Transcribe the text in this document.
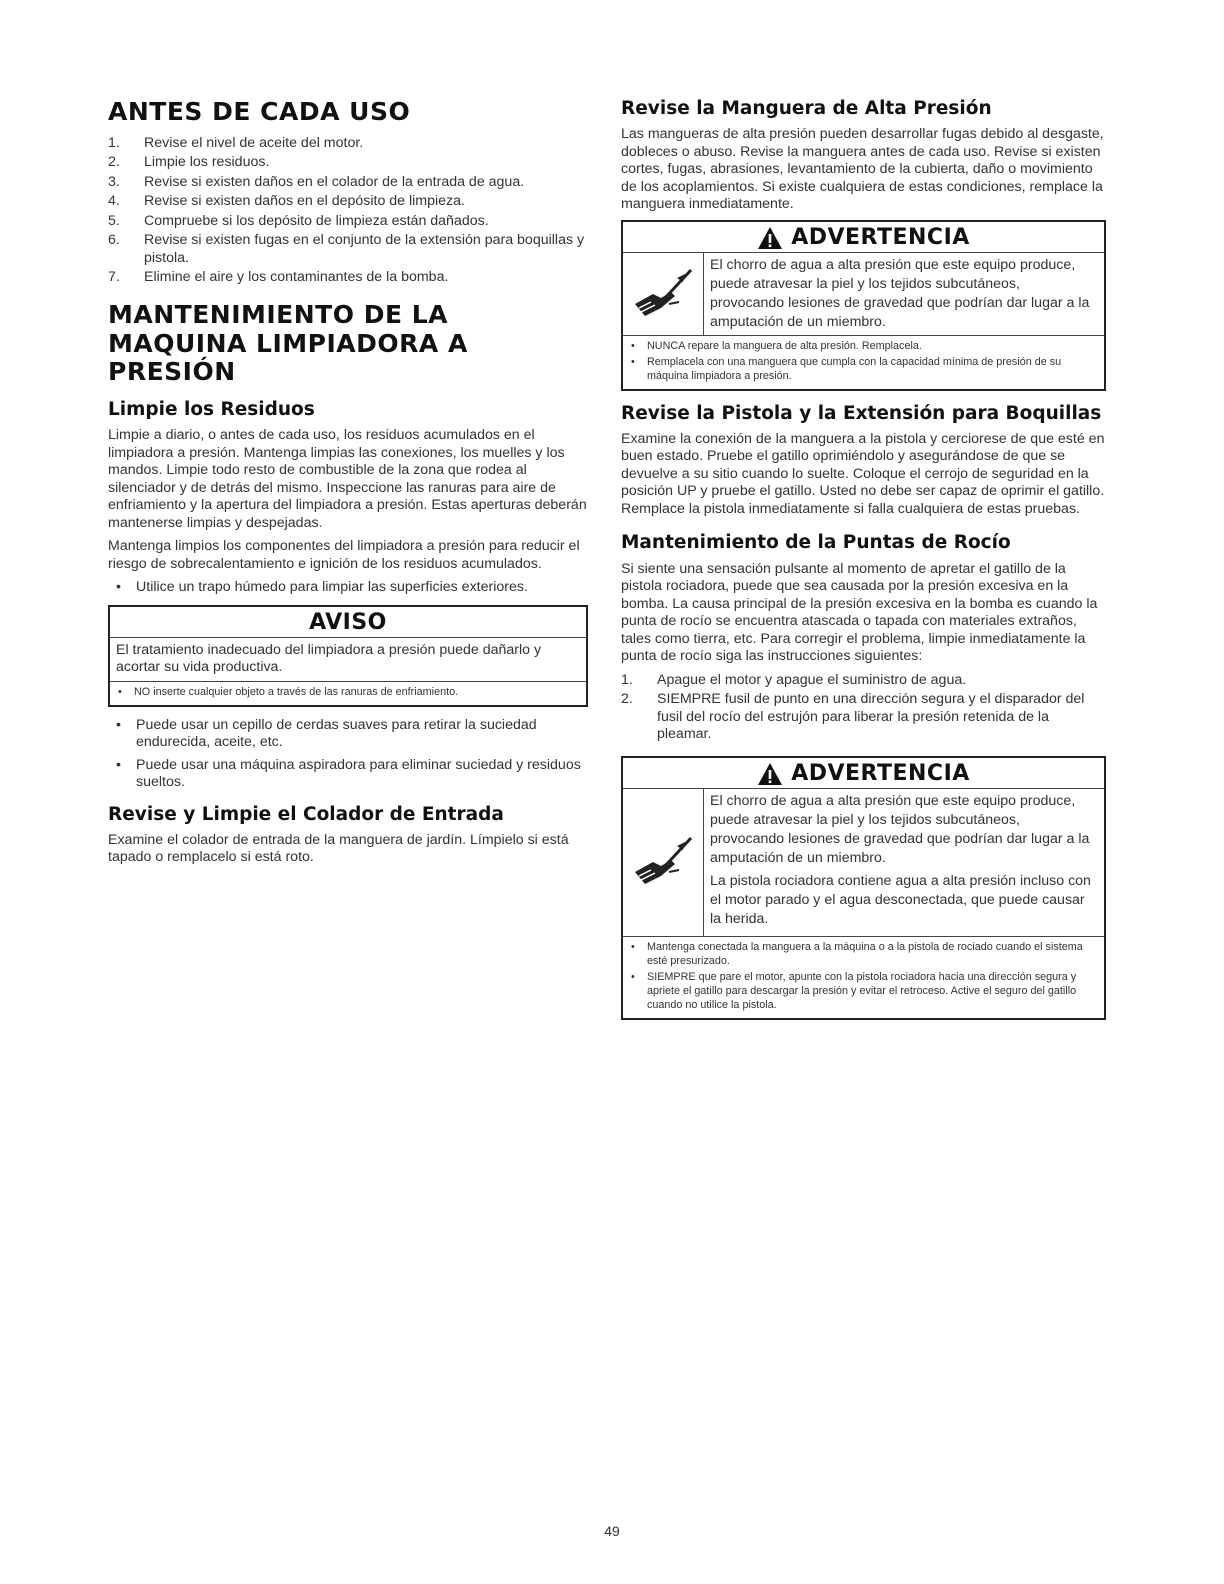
ANTES DE CADA USO
1. Revise el nivel de aceite del motor.
2. Limpie los residuos.
3. Revise si existen daños en el colador de la entrada de agua.
4. Revise si existen daños en el depósito de limpieza.
5. Compruebe si los depósito de limpieza están dañados.
6. Revise si existen fugas en el conjunto de la extensión para boquillas y pistola.
7. Elimine el aire y los contaminantes de la bomba.
MANTENIMIENTO DE LA MAQUINA LIMPIADORA A PRESIÓN
Limpie los Residuos

Limpie a diario, o antes de cada uso, los residuos acumulados en el limpiadora a presión. Mantenga limpias las conexiones, los muelles y los mandos. Limpie todo resto de combustible de la zona que rodea al silenciador y de detrás del mismo. Inspeccione las ranuras para aire de enfriamiento y la apertura del limpiadora a presión. Estas aperturas deberán mantenerse limpias y despejadas.

Mantenga limpios los componentes del limpiadora a presión para reducir el riesgo de sobrecalentamiento e ignición de los residuos acumulados.

• Utilice un trapo húmedo para limpiar las superficies exteriores.
AVISO
El tratamiento inadecuado del limpiadora a presión puede dañarlo y acortar su vida productiva.
• NO inserte cualquier objeto a través de las ranuras de enfriamiento.
• Puede usar un cepillo de cerdas suaves para retirar la suciedad endurecida, aceite, etc.
• Puede usar una máquina aspiradora para eliminar suciedad y residuos sueltos.
Revise y Limpie el Colador de Entrada

Examine el colador de entrada de la manguera de jardín. Límpielo si está tapado o remplacelo si está roto.

Revise la Manguera de Alta Presión

Las mangueras de alta presión pueden desarrollar fugas debido al desgaste, dobleces o abuso. Revise la manguera antes de cada uso. Revise si existen cortes, fugas, abrasiones, levantamiento de la cubierta, daño o movimiento de los acoplamientos. Si existe cualquiera de estas condiciones, remplace la manguera inmediatamente.

ADVERTENCIA
El chorro de agua a alta presión que este equipo produce, puede atravesar la piel y los tejidos subcutáneos, provocando lesiones de gravedad que podrían dar lugar a la amputación de un miembro.
• NUNCA repare la manguera de alta presión. Remplacela.
• Remplacela con una manguera que cumpla con la capacidad mínima de presión de su máquina limpiadora a presión.
Revise la Pistola y la Extensión para Boquillas

Examine la conexión de la manguera a la pistola y cerciorese de que esté en buen estado. Pruebe el gatillo oprimiéndolo y asegurándose de que se devuelve a su sitio cuando lo suelte. Coloque el cerrojo de seguridad en la posición UP y pruebe el gatillo. Usted no debe ser capaz de oprimir el gatillo. Remplace la pistola inmediatamente si falla cualquiera de estas pruebas.

Mantenimiento de la Puntas de Rocío

Si siente una sensación pulsante al momento de apretar el gatillo de la pistola rociadora, puede que sea causada por la presión excesiva en la bomba. La causa principal de la presión excesiva en la bomba es cuando la punta de rocío se encuentra atascada o tapada con materiales extraños, tales como tierra, etc. Para corregir el problema, limpie inmediatamente la punta de rocío siga las instrucciones siguientes:

1. Apague el motor y apague el suministro de agua.
2. SIEMPRE fusil de punto en una dirección segura y el disparador del fusil del rocío del estrujón para liberar la presión retenida de la pleamar.
ADVERTENCIA

El chorro de agua a alta presión que este equipo produce, puede atravesar la piel y los tejidos subcutáneos, provocando lesiones de gravedad que podrían dar lugar a la amputación de un miembro.

La pistola rociadora contiene agua a alta presión incluso con el motor parado y el agua desconectada, que puede causar la herida.

• Mantenga conectada la manguera a la máquina o a la pistola de rociado cuando el sistema esté presurizado.
• SIEMPRE que pare el motor, apunte con la pistola rociadora hacia una dirección segura y apriete el gatillo para descargar la presión y evitar el retroceso. Active el seguro del gatillo cuando no utilice la pistola.
49
